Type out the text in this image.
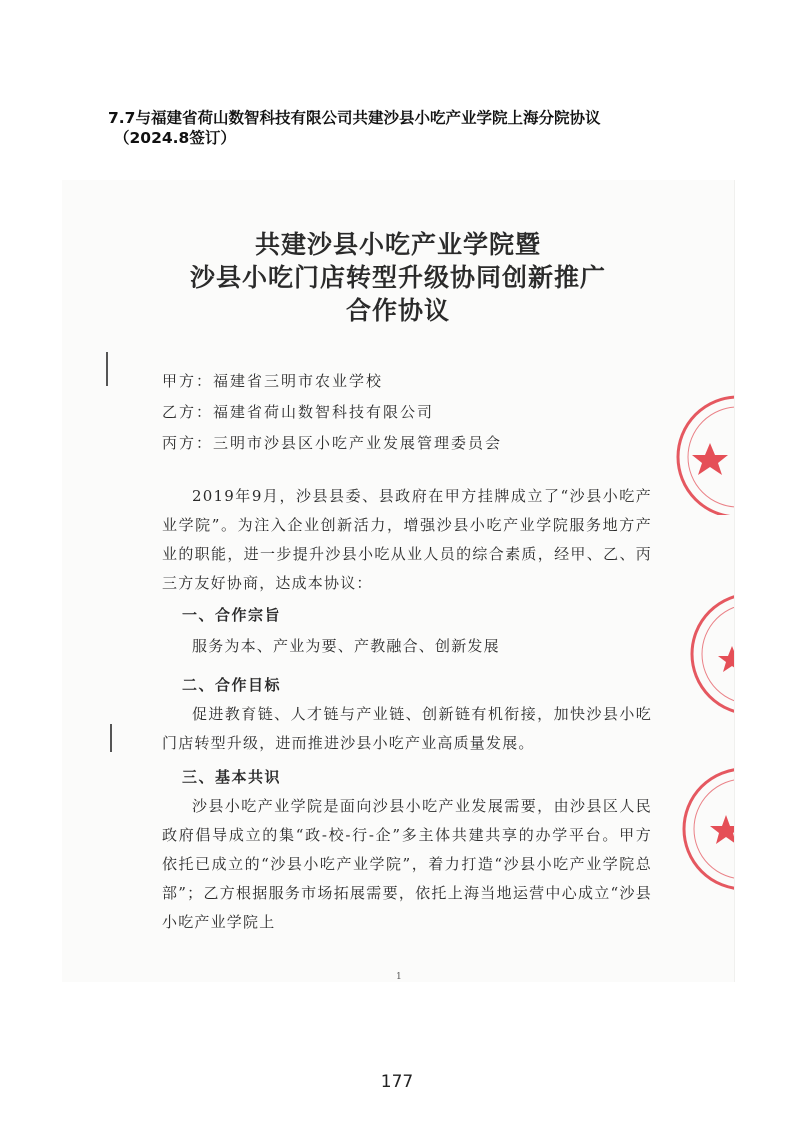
7.7与福建省荷山数智科技有限公司共建沙县小吃产业学院上海分院协议
（2024.8签订）
共建沙县小吃产业学院暨
沙县小吃门店转型升级协同创新推广
合作协议
甲方：福建省三明市农业学校
乙方：福建省荷山数智科技有限公司
丙方：三明市沙县区小吃产业发展管理委员会
2019年9月，沙县县委、县政府在甲方挂牌成立了“沙县小吃产业学院”。为注入企业创新活力，增强沙县小吃产业学院服务地方产业的职能，进一步提升沙县小吃从业人员的综合素质，经甲、乙、丙三方友好协商，达成本协议：
一、合作宗旨
服务为本、产业为要、产教融合、创新发展
二、合作目标
促进教育链、人才链与产业链、创新链有机衔接，加快沙县小吃门店转型升级，进而推进沙县小吃产业高质量发展。
三、基本共识
沙县小吃产业学院是面向沙县小吃产业发展需要，由沙县区人民政府倡导成立的集“政-校-行-企”多主体共建共享的办学平台。甲方依托已成立的“沙县小吃产业学院”，着力打造“沙县小吃产业学院总部”；乙方根据服务市场拓展需要，依托上海当地运营中心成立“沙县小吃产业学院上
1
177
